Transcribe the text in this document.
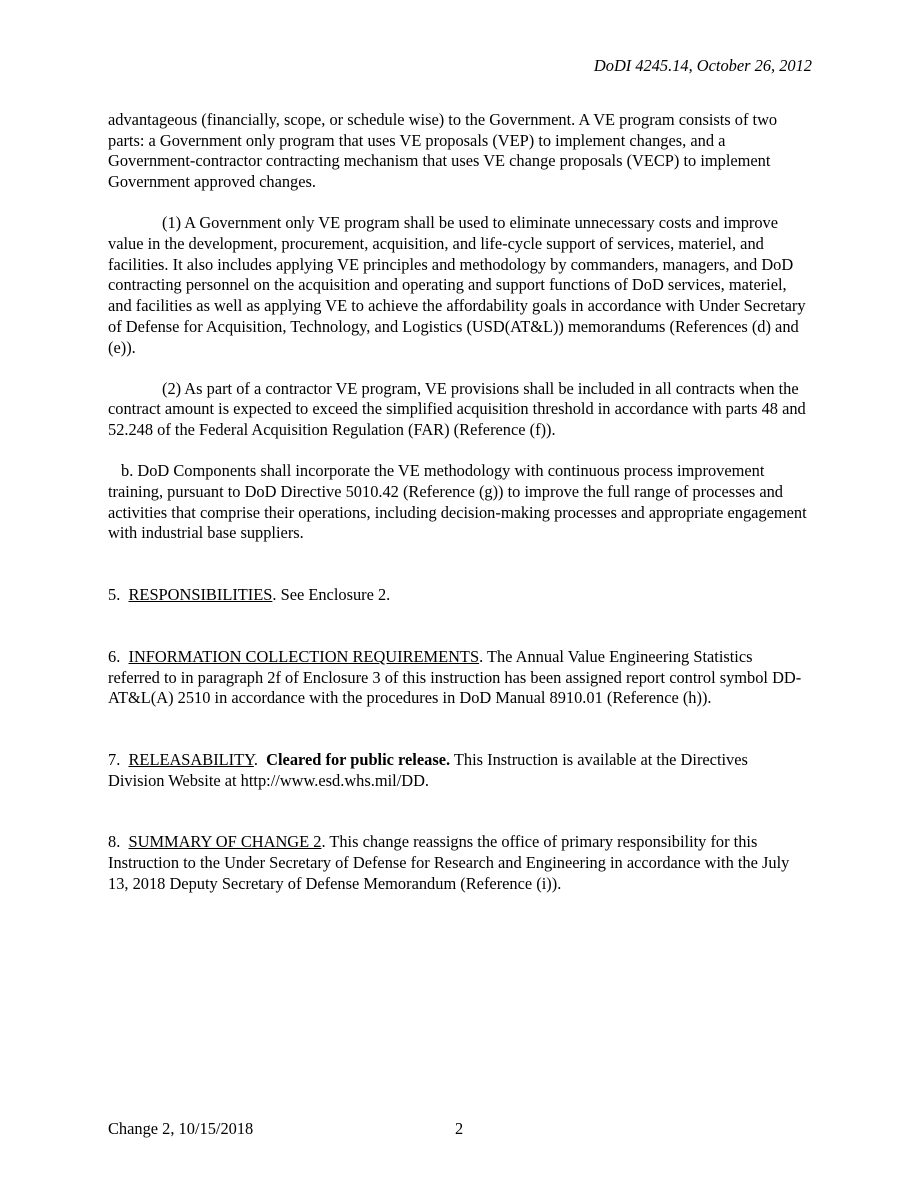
DoDI 4245.14, October 26, 2012

advantageous (financially, scope, or schedule wise) to the Government. A VE program consists of two parts: a Government only program that uses VE proposals (VEP) to implement changes, and a Government-contractor contracting mechanism that uses VE change proposals (VECP) to implement Government approved changes.

(1) A Government only VE program shall be used to eliminate unnecessary costs and improve value in the development, procurement, acquisition, and life-cycle support of services, materiel, and facilities. It also includes applying VE principles and methodology by commanders, managers, and DoD contracting personnel on the acquisition and operating and support functions of DoD services, materiel, and facilities as well as applying VE to achieve the affordability goals in accordance with Under Secretary of Defense for Acquisition, Technology, and Logistics (USD(AT&L)) memorandums (References (d) and (e)).

(2) As part of a contractor VE program, VE provisions shall be included in all contracts when the contract amount is expected to exceed the simplified acquisition threshold in accordance with parts 48 and 52.248 of the Federal Acquisition Regulation (FAR) (Reference (f)).

b. DoD Components shall incorporate the VE methodology with continuous process improvement training, pursuant to DoD Directive 5010.42 (Reference (g)) to improve the full range of processes and activities that comprise their operations, including decision-making processes and appropriate engagement with industrial base suppliers.

5. RESPONSIBILITIES. See Enclosure 2.

6. INFORMATION COLLECTION REQUIREMENTS. The Annual Value Engineering Statistics referred to in paragraph 2f of Enclosure 3 of this instruction has been assigned report control symbol DD-AT&L(A) 2510 in accordance with the procedures in DoD Manual 8910.01 (Reference (h)).

7. RELEASABILITY.  Cleared for public release. This Instruction is available at the Directives Division Website at http://www.esd.whs.mil/DD.

8. SUMMARY OF CHANGE 2. This change reassigns the office of primary responsibility for this Instruction to the Under Secretary of Defense for Research and Engineering in accordance with the July 13, 2018 Deputy Secretary of Defense Memorandum (Reference (i)).

Change 2, 10/15/2018	2
